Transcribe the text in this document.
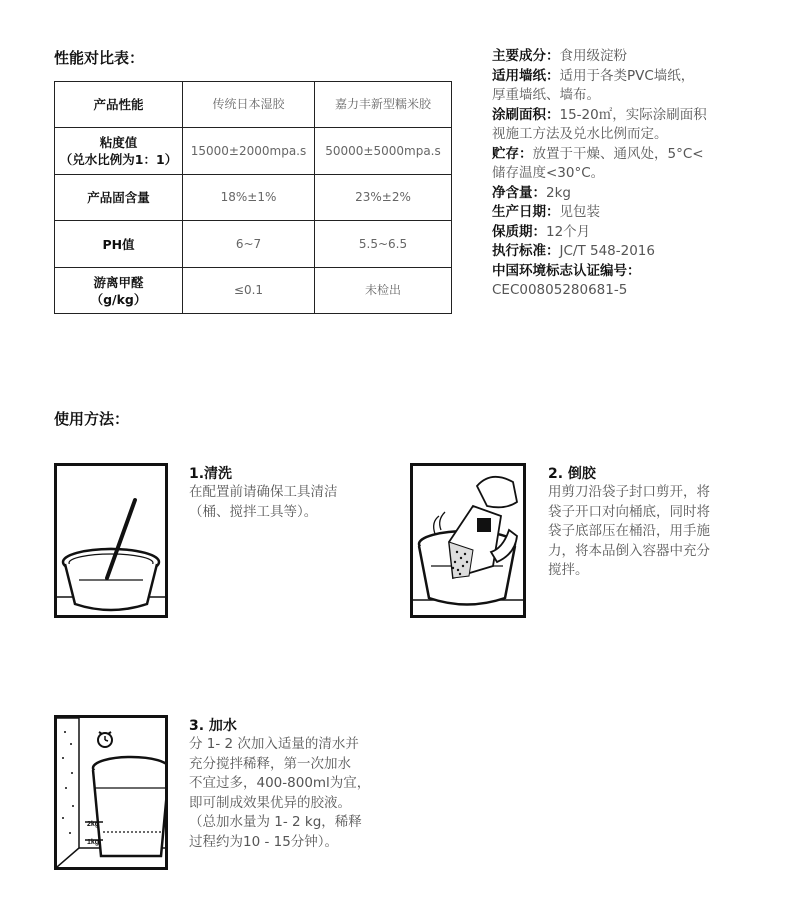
性能对比表：
产品性能	传统日本湿胶	嘉力丰新型糯米胶
粘度值
（兑水比例为1：1）	15000±2000mpa.s	50000±5000mpa.s
产品固含量	18%±1%	23%±2%
PH值	6~7	5.5~6.5
游离甲醛
（g/kg）	≤0.1	未检出
主要成分：食用级淀粉
适用墙纸：适用于各类PVC墙纸，
厚重墙纸、墙布。
涂刷面积：15-20㎡，实际涂刷面积
视施工方法及兑水比例而定。
贮存：放置于干燥、通风处，5°C<
储存温度<30°C。
净含量：2kg
生产日期：见包装
保质期：12个月
执行标准：JC/T 548-2016
中国环境标志认证编号：
CEC00805280681-5
使用方法：
1.清洗
在配置前请确保工具清洁
（桶、搅拌工具等）。
2. 倒胶
用剪刀沿袋子封口剪开，将
袋子开口对向桶底，同时将
袋子底部压在桶沿，用手施
力，将本品倒入容器中充分
搅拌。
2kg
1kg
3. 加水
分 1- 2 次加入适量的清水并
充分搅拌稀释，第一次加水
不宜过多，400-800ml为宜，
即可制成效果优异的胶液。
（总加水量为 1- 2 kg，稀释
过程约为10 - 15分钟）。
